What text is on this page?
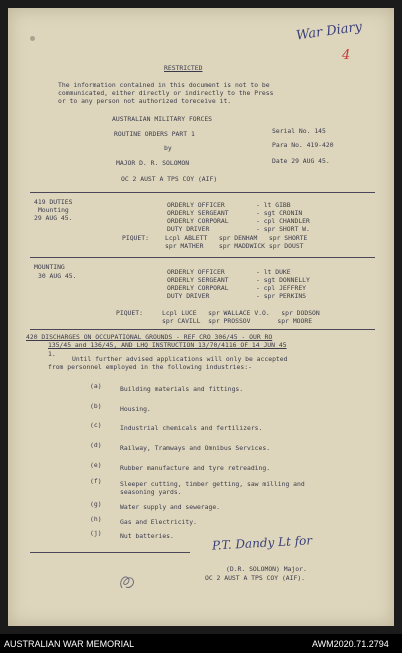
War Diary
4
RESTRICTED
The information contained in this document is not to be
communicated, either directly or indirectly to the Press
or to any person not authorized toreceive it.
AUSTRALIAN MILITARY FORCES
ROUTINE ORDERS PART 1
by
MAJOR D. R. SOLOMON
OC 2 AUST A TPS COY (AIF)
Serial No. 145
Para No. 419-420
Date 29 AUG 45.
419 DUTIES
Mounting
29 AUG 45.
ORDERLY OFFICER	- lt GIBB
ORDERLY SERGEANT	- sgt CRONIN
ORDERLY CORPORAL	- cpl CHANDLER
DUTY DRIVER	- spr SHORT W.
PIQUET:	Lcpl ABLETT   spr DENHAM   spr SHORTE
spr MATHER    spr MADDWICK spr DOUST
MOUNTING
30 AUG 45.	ORDERLY OFFICER	- lt DUKE
ORDERLY SERGEANT	- sgt DONNELLY
ORDERLY CORPORAL	- cpl JEFFREY
DUTY DRIVER	- spr PERKINS
PIQUET:	Lcpl LUCE   spr WALLACE V.O.   spr DODSON
spr CAVILL  spr PROSSOV       spr MOORE
420 DISCHARGES ON OCCUPATIONAL GROUNDS - REF CRO 306/45 - OUR RO
135/45 and 136/45, AND LHQ INSTRUCTION 13/70/4116 OF 14 JUN 45
1.
Until further advised applications will only be accepted
from personnel employed in the following industries:-
(a)	Building materials and fittings.
(b)	Housing.
(c)	Industrial chemicals and fertilizers.
(d)	Railway, Tramways and Omnibus Services.
(e)	Rubber manufacture and tyre retreading.
(f)	Sleeper cutting, timber getting, saw milling and
seasoning yards.
(g)	Water supply and sewerage.
(h)	Gas and Electricity.
(j)	Nut batteries.	P.T. Dandy Lt for
(D.R. SOLOMON) Major.
OC 2 AUST A TPS COY (AIF).
AUSTRALIAN WAR MEMORIAL	AWM2020.71.2794
